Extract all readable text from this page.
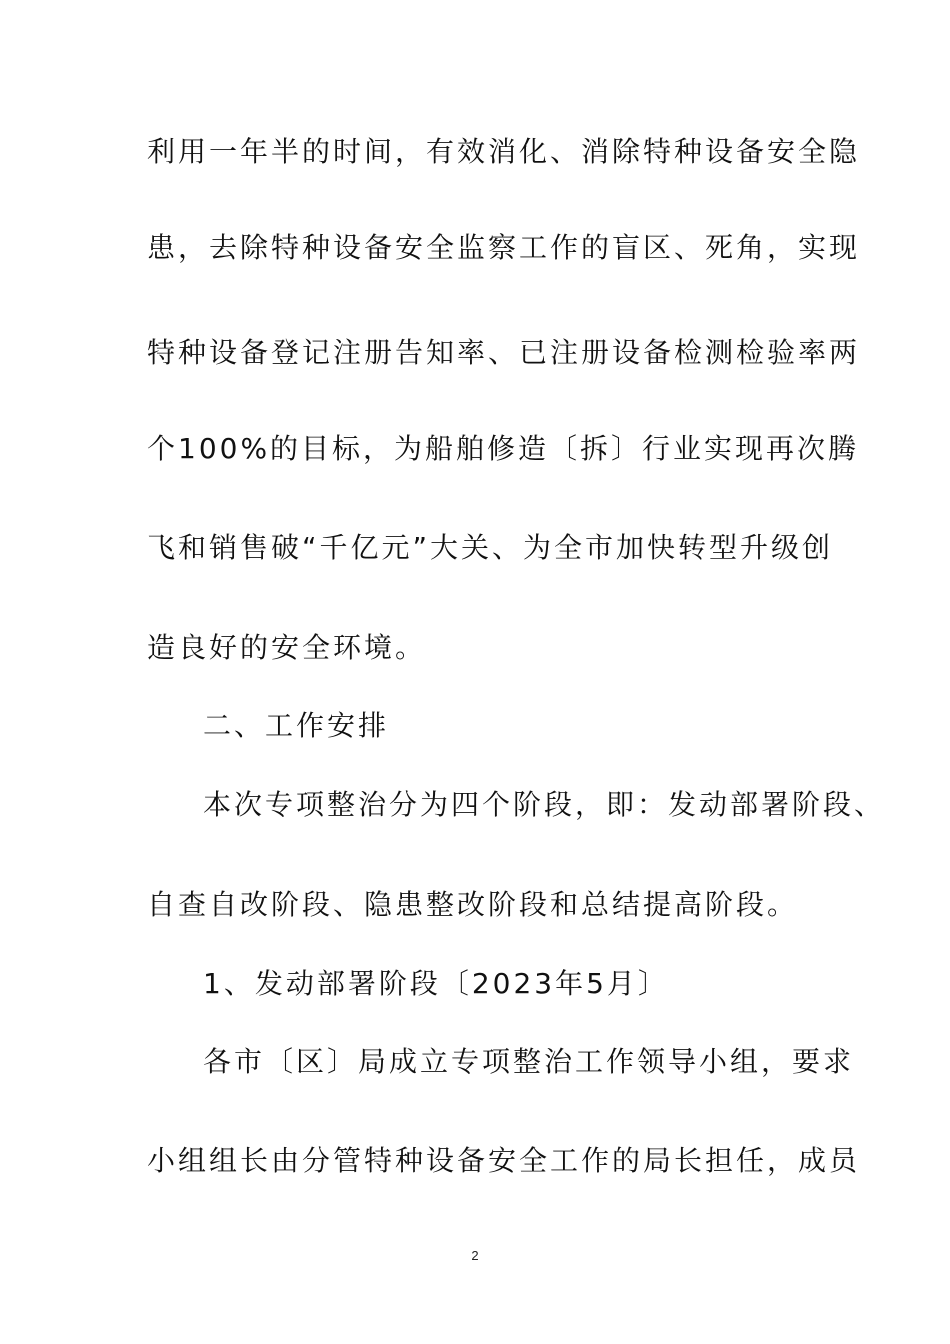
利用一年半的时间，有效消化、消除特种设备安全隐
患，去除特种设备安全监察工作的盲区、死角，实现
特种设备登记注册告知率、已注册设备检测检验率两
个100%的目标，为船舶修造〔拆〕行业实现再次腾
飞和销售破“千亿元”大关、为全市加快转型升级创
造良好的安全环境。
二、工作安排
本次专项整治分为四个阶段，即：发动部署阶段、
自查自改阶段、隐患整改阶段和总结提高阶段。
1、发动部署阶段〔2023年5月〕
各市〔区〕局成立专项整治工作领导小组，要求
小组组长由分管特种设备安全工作的局长担任，成员
2
